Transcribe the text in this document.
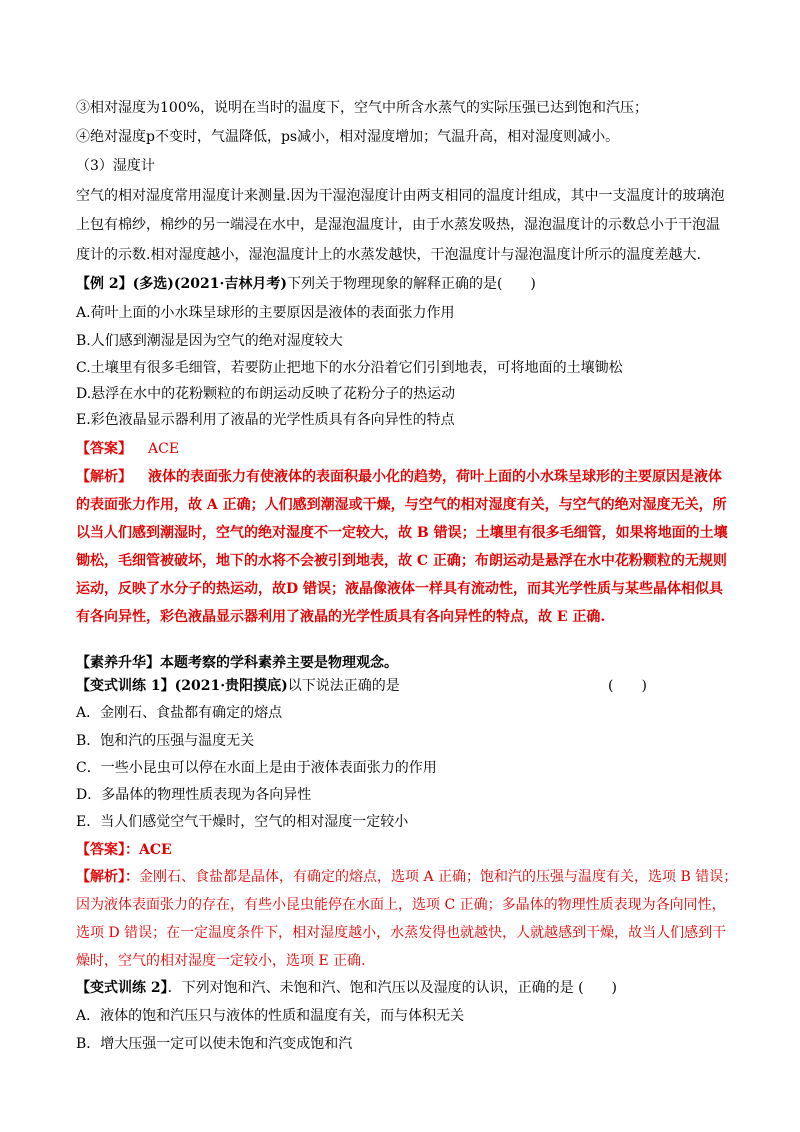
③相对湿度为100%，说明在当时的温度下，空气中所含水蒸气的实际压强已达到饱和汽压；
④绝对湿度p不变时，气温降低，ps减小，相对湿度增加；气温升高，相对湿度则减小。
（3）湿度计
空气的相对湿度常用湿度计来测量.因为干湿泡湿度计由两支相同的温度计组成，其中一支温度计的玻璃泡
上包有棉纱，棉纱的另一端浸在水中，是湿泡温度计，由于水蒸发吸热，湿泡温度计的示数总小于干泡温
度计的示数.相对湿度越小，湿泡温度计上的水蒸发越快，干泡温度计与湿泡温度计所示的温度差越大.
【例 2】(多选)(2021·吉林月考)下列关于物理现象的解释正确的是(　　)
A.荷叶上面的小水珠呈球形的主要原因是液体的表面张力作用
B.人们感到潮湿是因为空气的绝对湿度较大
C.土壤里有很多毛细管，若要防止把地下的水分沿着它们引到地表，可将地面的土壤锄松
D.悬浮在水中的花粉颗粒的布朗运动反映了花粉分子的热运动
E.彩色液晶显示器利用了液晶的光学性质具有各向异性的特点
【答案】 ACE
【解析】 液体的表面张力有使液体的表面积最小化的趋势，荷叶上面的小水珠呈球形的主要原因是液体
的表面张力作用，故 A 正确；人们感到潮湿或干燥，与空气的相对湿度有关，与空气的绝对湿度无关，所
以当人们感到潮湿时，空气的绝对湿度不一定较大，故 B 错误；土壤里有很多毛细管，如果将地面的土壤
锄松，毛细管被破坏，地下的水将不会被引到地表，故 C 正确；布朗运动是悬浮在水中花粉颗粒的无规则
运动，反映了水分子的热运动，故D 错误；液晶像液体一样具有流动性，而其光学性质与某些晶体相似具
有各向异性，彩色液晶显示器利用了液晶的光学性质具有各向异性的特点，故 E 正确.
【素养升华】本题考察的学科素养主要是物理观念。
【变式训练 1】(2021·贵阳摸底)以下说法正确的是	(　　)
A．金刚石、食盐都有确定的熔点
B．饱和汽的压强与温度无关
C．一些小昆虫可以停在水面上是由于液体表面张力的作用
D．多晶体的物理性质表现为各向异性
E．当人们感觉空气干燥时，空气的相对湿度一定较小
【答案】：ACE
【解析】：金刚石、食盐都是晶体，有确定的熔点，选项 A 正确；饱和汽的压强与温度有关，选项 B 错误；
因为液体表面张力的存在，有些小昆虫能停在水面上，选项 C 正确；多晶体的物理性质表现为各向同性，
选项 D 错误；在一定温度条件下，相对湿度越小，水蒸发得也就越快，人就越感到干燥，故当人们感到干
燥时，空气的相对湿度一定较小，选项 E 正确.
【变式训练 2】．下列对饱和汽、未饱和汽、饱和汽压以及湿度的认识，正确的是 (　　)
A．液体的饱和汽压只与液体的性质和温度有关，而与体积无关
B．增大压强一定可以使未饱和汽变成饱和汽
